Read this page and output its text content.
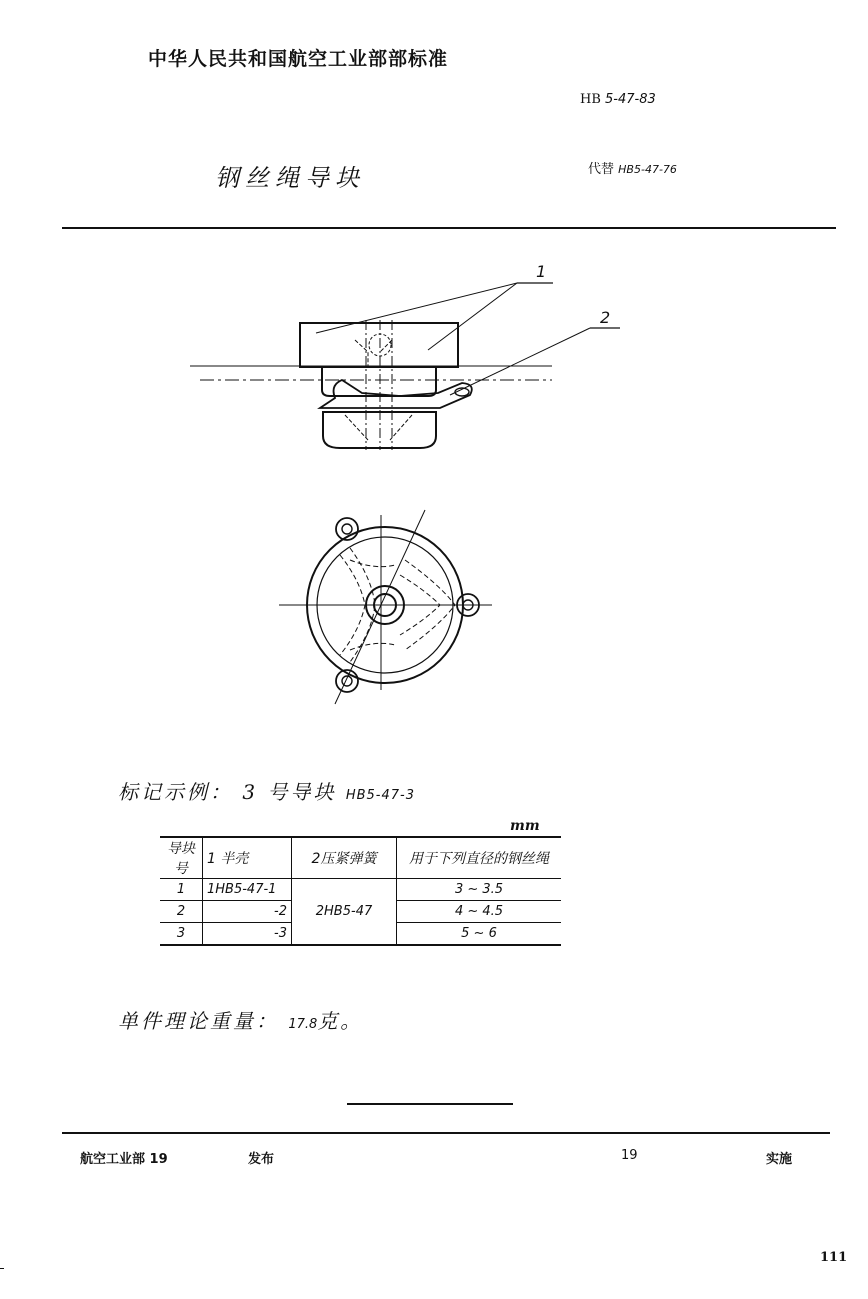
中华人民共和国航空工业部部标准
HB 5-47-83
钢丝绳导块	代替 HB5-47-76
1
2
标记示例： 3 号导块 HB5-47-3
mm
导块号	1 半壳	2压紧弹簧	用于下列直径的钢丝绳
1	1HB5-47-1	2HB5-47	3 ~ 3.5
2	-2		4 ~ 4.5
3	-3		5 ~ 6
单件理论重量： 17.8克。
航空工业部 19	发布	19	实施
111
